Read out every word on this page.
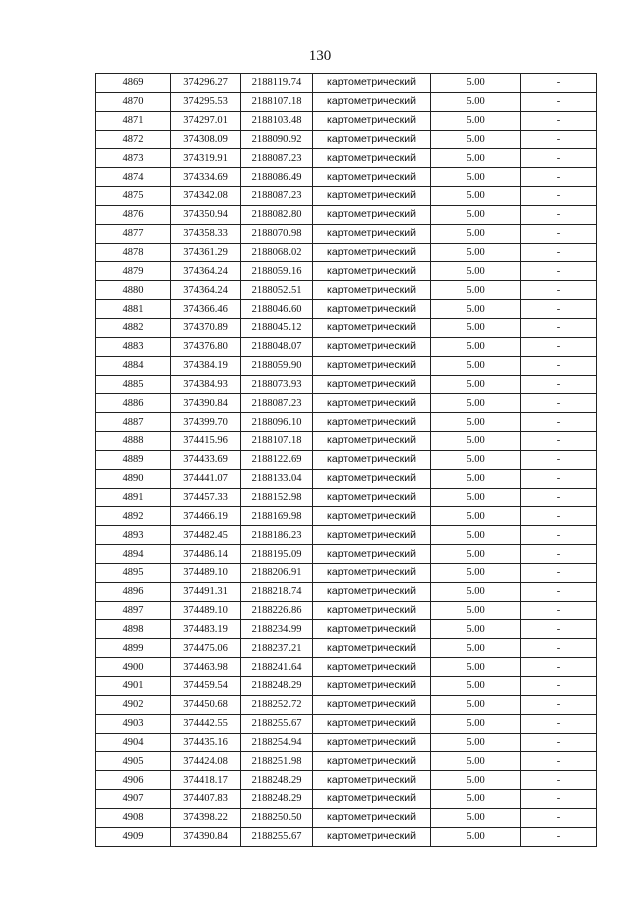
130
4869	374296.27	2188119.74	картометрический	5.00	-
4870	374295.53	2188107.18	картометрический	5.00	-
4871	374297.01	2188103.48	картометрический	5.00	-
4872	374308.09	2188090.92	картометрический	5.00	-
4873	374319.91	2188087.23	картометрический	5.00	-
4874	374334.69	2188086.49	картометрический	5.00	-
4875	374342.08	2188087.23	картометрический	5.00	-
4876	374350.94	2188082.80	картометрический	5.00	-
4877	374358.33	2188070.98	картометрический	5.00	-
4878	374361.29	2188068.02	картометрический	5.00	-
4879	374364.24	2188059.16	картометрический	5.00	-
4880	374364.24	2188052.51	картометрический	5.00	-
4881	374366.46	2188046.60	картометрический	5.00	-
4882	374370.89	2188045.12	картометрический	5.00	-
4883	374376.80	2188048.07	картометрический	5.00	-
4884	374384.19	2188059.90	картометрический	5.00	-
4885	374384.93	2188073.93	картометрический	5.00	-
4886	374390.84	2188087.23	картометрический	5.00	-
4887	374399.70	2188096.10	картометрический	5.00	-
4888	374415.96	2188107.18	картометрический	5.00	-
4889	374433.69	2188122.69	картометрический	5.00	-
4890	374441.07	2188133.04	картометрический	5.00	-
4891	374457.33	2188152.98	картометрический	5.00	-
4892	374466.19	2188169.98	картометрический	5.00	-
4893	374482.45	2188186.23	картометрический	5.00	-
4894	374486.14	2188195.09	картометрический	5.00	-
4895	374489.10	2188206.91	картометрический	5.00	-
4896	374491.31	2188218.74	картометрический	5.00	-
4897	374489.10	2188226.86	картометрический	5.00	-
4898	374483.19	2188234.99	картометрический	5.00	-
4899	374475.06	2188237.21	картометрический	5.00	-
4900	374463.98	2188241.64	картометрический	5.00	-
4901	374459.54	2188248.29	картометрический	5.00	-
4902	374450.68	2188252.72	картометрический	5.00	-
4903	374442.55	2188255.67	картометрический	5.00	-
4904	374435.16	2188254.94	картометрический	5.00	-
4905	374424.08	2188251.98	картометрический	5.00	-
4906	374418.17	2188248.29	картометрический	5.00	-
4907	374407.83	2188248.29	картометрический	5.00	-
4908	374398.22	2188250.50	картометрический	5.00	-
4909	374390.84	2188255.67	картометрический	5.00	-
